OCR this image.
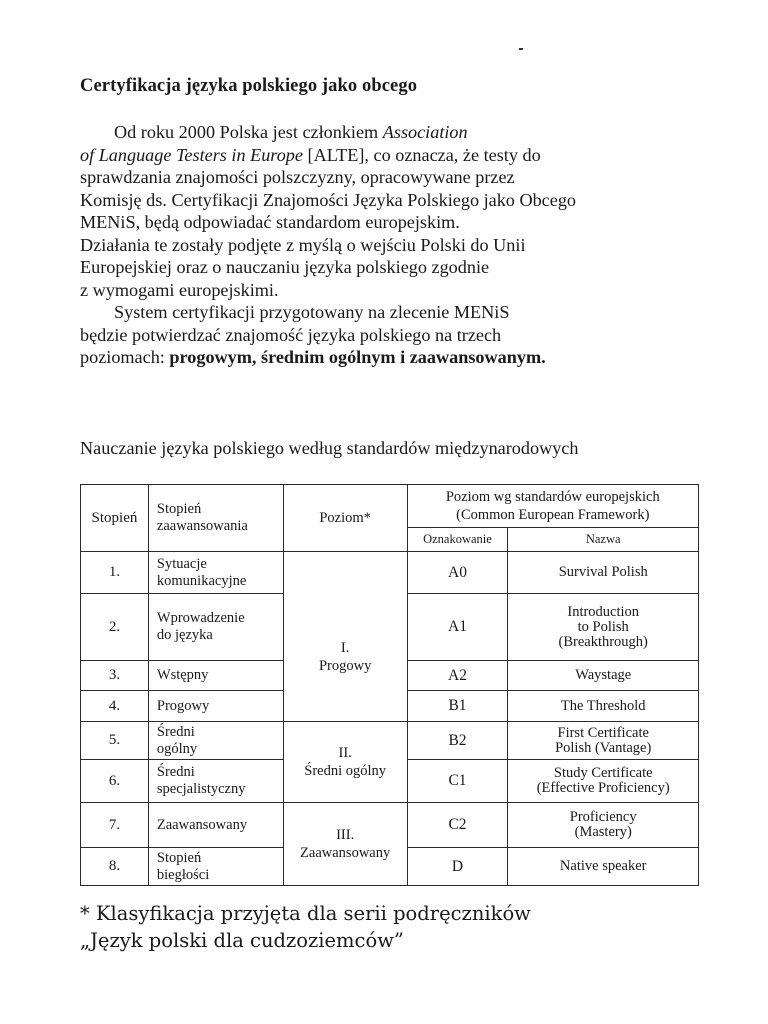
Certyfikacja języka polskiego jako obcego
Od roku 2000 Polska jest członkiem Association
of Language Testers in Europe [ALTE], co oznacza, że testy do
sprawdzania znajomości polszczyzny, opracowywane przez
Komisję ds. Certyfikacji Znajomości Języka Polskiego jako Obcego
MENiS, będą odpowiadać standardom europejskim.
Działania te zostały podjęte z myślą o wejściu Polski do Unii
Europejskiej oraz o nauczaniu języka polskiego zgodnie
z wymogami europejskimi.
System certyfikacji przygotowany na zlecenie MENiS
będzie potwierdzać znajomość języka polskiego na trzech
poziomach: progowym, średnim ogólnym i zaawansowanym.
Nauczanie języka polskiego według standardów międzynarodowych
Stopień	Stopień
zaawansowania	Poziom*	Poziom wg standardów europejskich
(Common European Framework)	

			Oznakowanie	Nazwa
1.	Sytuacje
komunikacyjne		A0	Survival Polish
2.	Wprowadzenie
do języka	I.
Progowy	A1	Introduction
to Polish
(Breakthrough)

3.	Wstępny		A2	Waystage
4.	Progowy		B1	The Threshold
5.	Średni
ogólny	II.
Średni ogólny	B2	First Certificate
Polish (Vantage)

6.	Średni
specjalistyczny		C1	Study Certificate
(Effective Proficiency)

7.	Zaawansowany	III.
Zaawansowany	C2	Proficiency
(Mastery)

8.	Stopień
biegłości		D	Native speaker
* Klasyfikacja przyjęta dla serii podręczników
„Język polski dla cudzoziemców”
